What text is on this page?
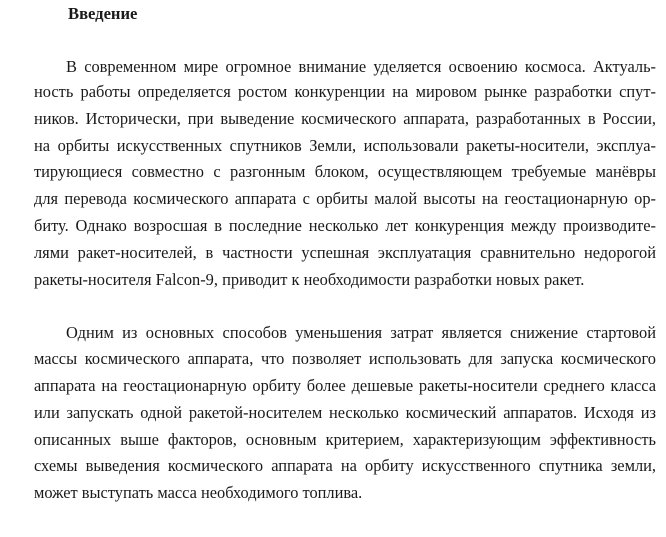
Введение
В современном мире огромное внимание уделяется освоению космоса. Актуаль-
ность работы определяется ростом конкуренции на мировом рынке разработки спут-
ников. Исторически, при выведение космического аппарата, разработанных в России,
на орбиты искусственных спутников Земли, использовали ракеты-носители, эксплуа-
тирующиеся совместно с разгонным блоком, осуществляющем требуемые манёвры
для перевода космического аппарата с орбиты малой высоты на геостационарную ор-
биту. Однако возросшая в последние несколько лет конкуренция между производите-
лями ракет-носителей, в частности успешная эксплуатация сравнительно недорогой
ракеты-носителя Falcon-9, приводит к необходимости разработки новых ракет.
Одним из основных способов уменьшения затрат является снижение стартовой
массы космического аппарата, что позволяет использовать для запуска космического
аппарата на геостационарную орбиту более дешевые ракеты-носители среднего класса
или запускать одной ракетой-носителем несколько космический аппаратов. Исходя из
описанных выше факторов, основным критерием, характеризующим эффективность
схемы выведения космического аппарата на орбиту искусственного спутника земли,
может выступать масса необходимого топлива.
